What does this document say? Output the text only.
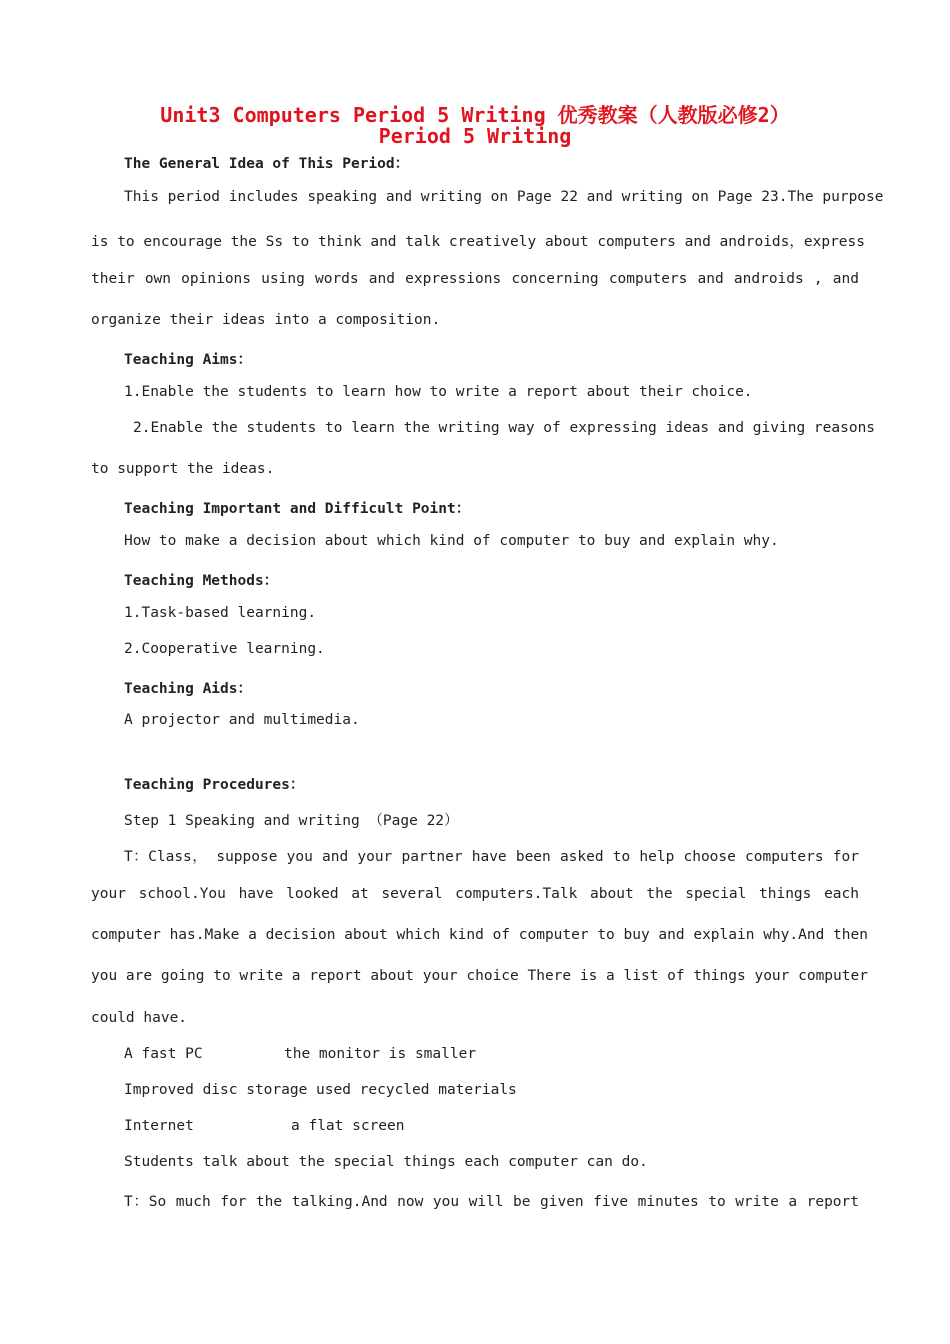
Unit3 Computers Period 5 Writing 优秀教案（人教版必修2）
Period 5 Writing
The General Idea of This Period：
This period includes speaking and writing on Page 22 and writing on Page 23.The purpose
is to encourage the Ss to think and talk creatively about computers and androids，express
their own opinions using words and expressions concerning computers and androids , and
organize their ideas into a composition.
Teaching Aims：
1.Enable the students to learn how to write a report about their choice.
2.Enable the students to learn the writing way of expressing ideas and giving reasons
to support the ideas.
Teaching Important and Difficult Point：
How to make a decision about which kind of computer to buy and explain why.
Teaching Methods：
1.Task-based learning.
2.Cooperative learning.
Teaching Aids：
A projector and multimedia.
Teaching Procedures：
Step 1 Speaking and writing （Page 22）
T：Class， suppose you and your partner have been asked to help choose computers for
your school.You have looked at several computers.Talk about the special things each
computer has.Make a decision about which kind of computer to buy and explain why.And then
you are going to write a report about your choice There is a list of things your computer
could have.
A fast PC	the monitor is smaller
Improved disc storage used recycled materials
Internet	a flat screen
Students talk about the special things each computer can do.
T：So much for the talking.And now you will be given five minutes to write a report
